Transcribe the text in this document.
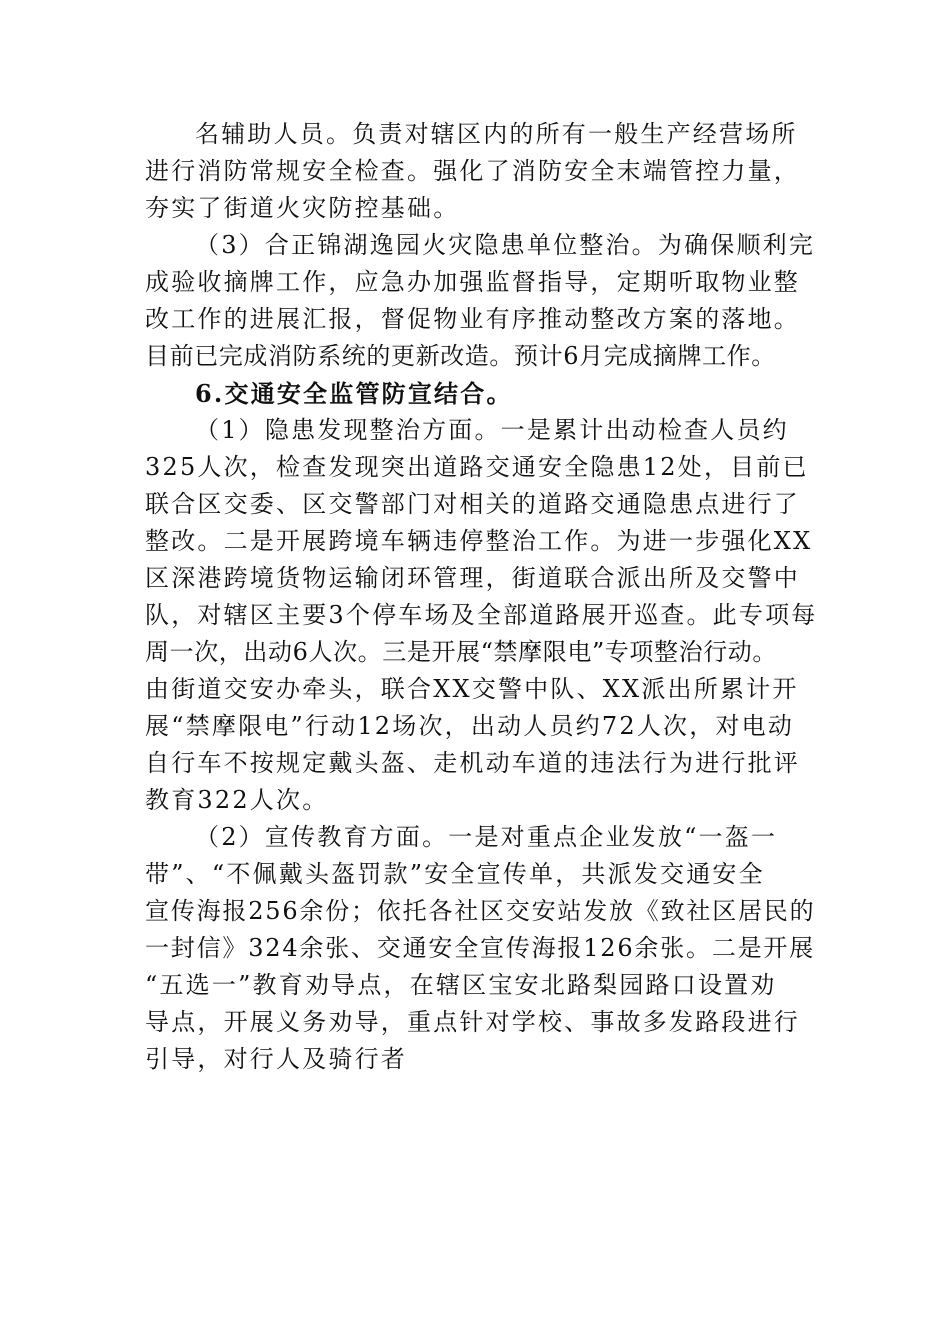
名辅助人员。负责对辖区内的所有一般生产经营场所
进行消防常规安全检查。强化了消防安全末端管控力量，
夯实了街道火灾防控基础。
（3）合正锦湖逸园火灾隐患单位整治。为确保顺利完
成验收摘牌工作，应急办加强监督指导，定期听取物业整
改工作的进展汇报，督促物业有序推动整改方案的落地。
目前已完成消防系统的更新改造。预计6月完成摘牌工作。
6.交通安全监管防宣结合。
（1）隐患发现整治方面。一是累计出动检查人员约
325人次，检查发现突出道路交通安全隐患12处，目前已
联合区交委、区交警部门对相关的道路交通隐患点进行了
整改。二是开展跨境车辆违停整治工作。为进一步强化XX
区深港跨境货物运输闭环管理，街道联合派出所及交警中
队，对辖区主要3个停车场及全部道路展开巡查。此专项每
周一次，出动6人次。三是开展“禁摩限电”专项整治行动。
由街道交安办牵头，联合XX交警中队、XX派出所累计开
展“禁摩限电”行动12场次，出动人员约72人次，对电动
自行车不按规定戴头盔、走机动车道的违法行为进行批评
教育322人次。
（2）宣传教育方面。一是对重点企业发放“一盔一
带”、“不佩戴头盔罚款”安全宣传单，共派发交通安全
宣传海报256余份；依托各社区交安站发放《致社区居民的
一封信》324余张、交通安全宣传海报126余张。二是开展
“五选一”教育劝导点，在辖区宝安北路梨园路口设置劝
导点，开展义务劝导，重点针对学校、事故多发路段进行
引导，对行人及骑行者
